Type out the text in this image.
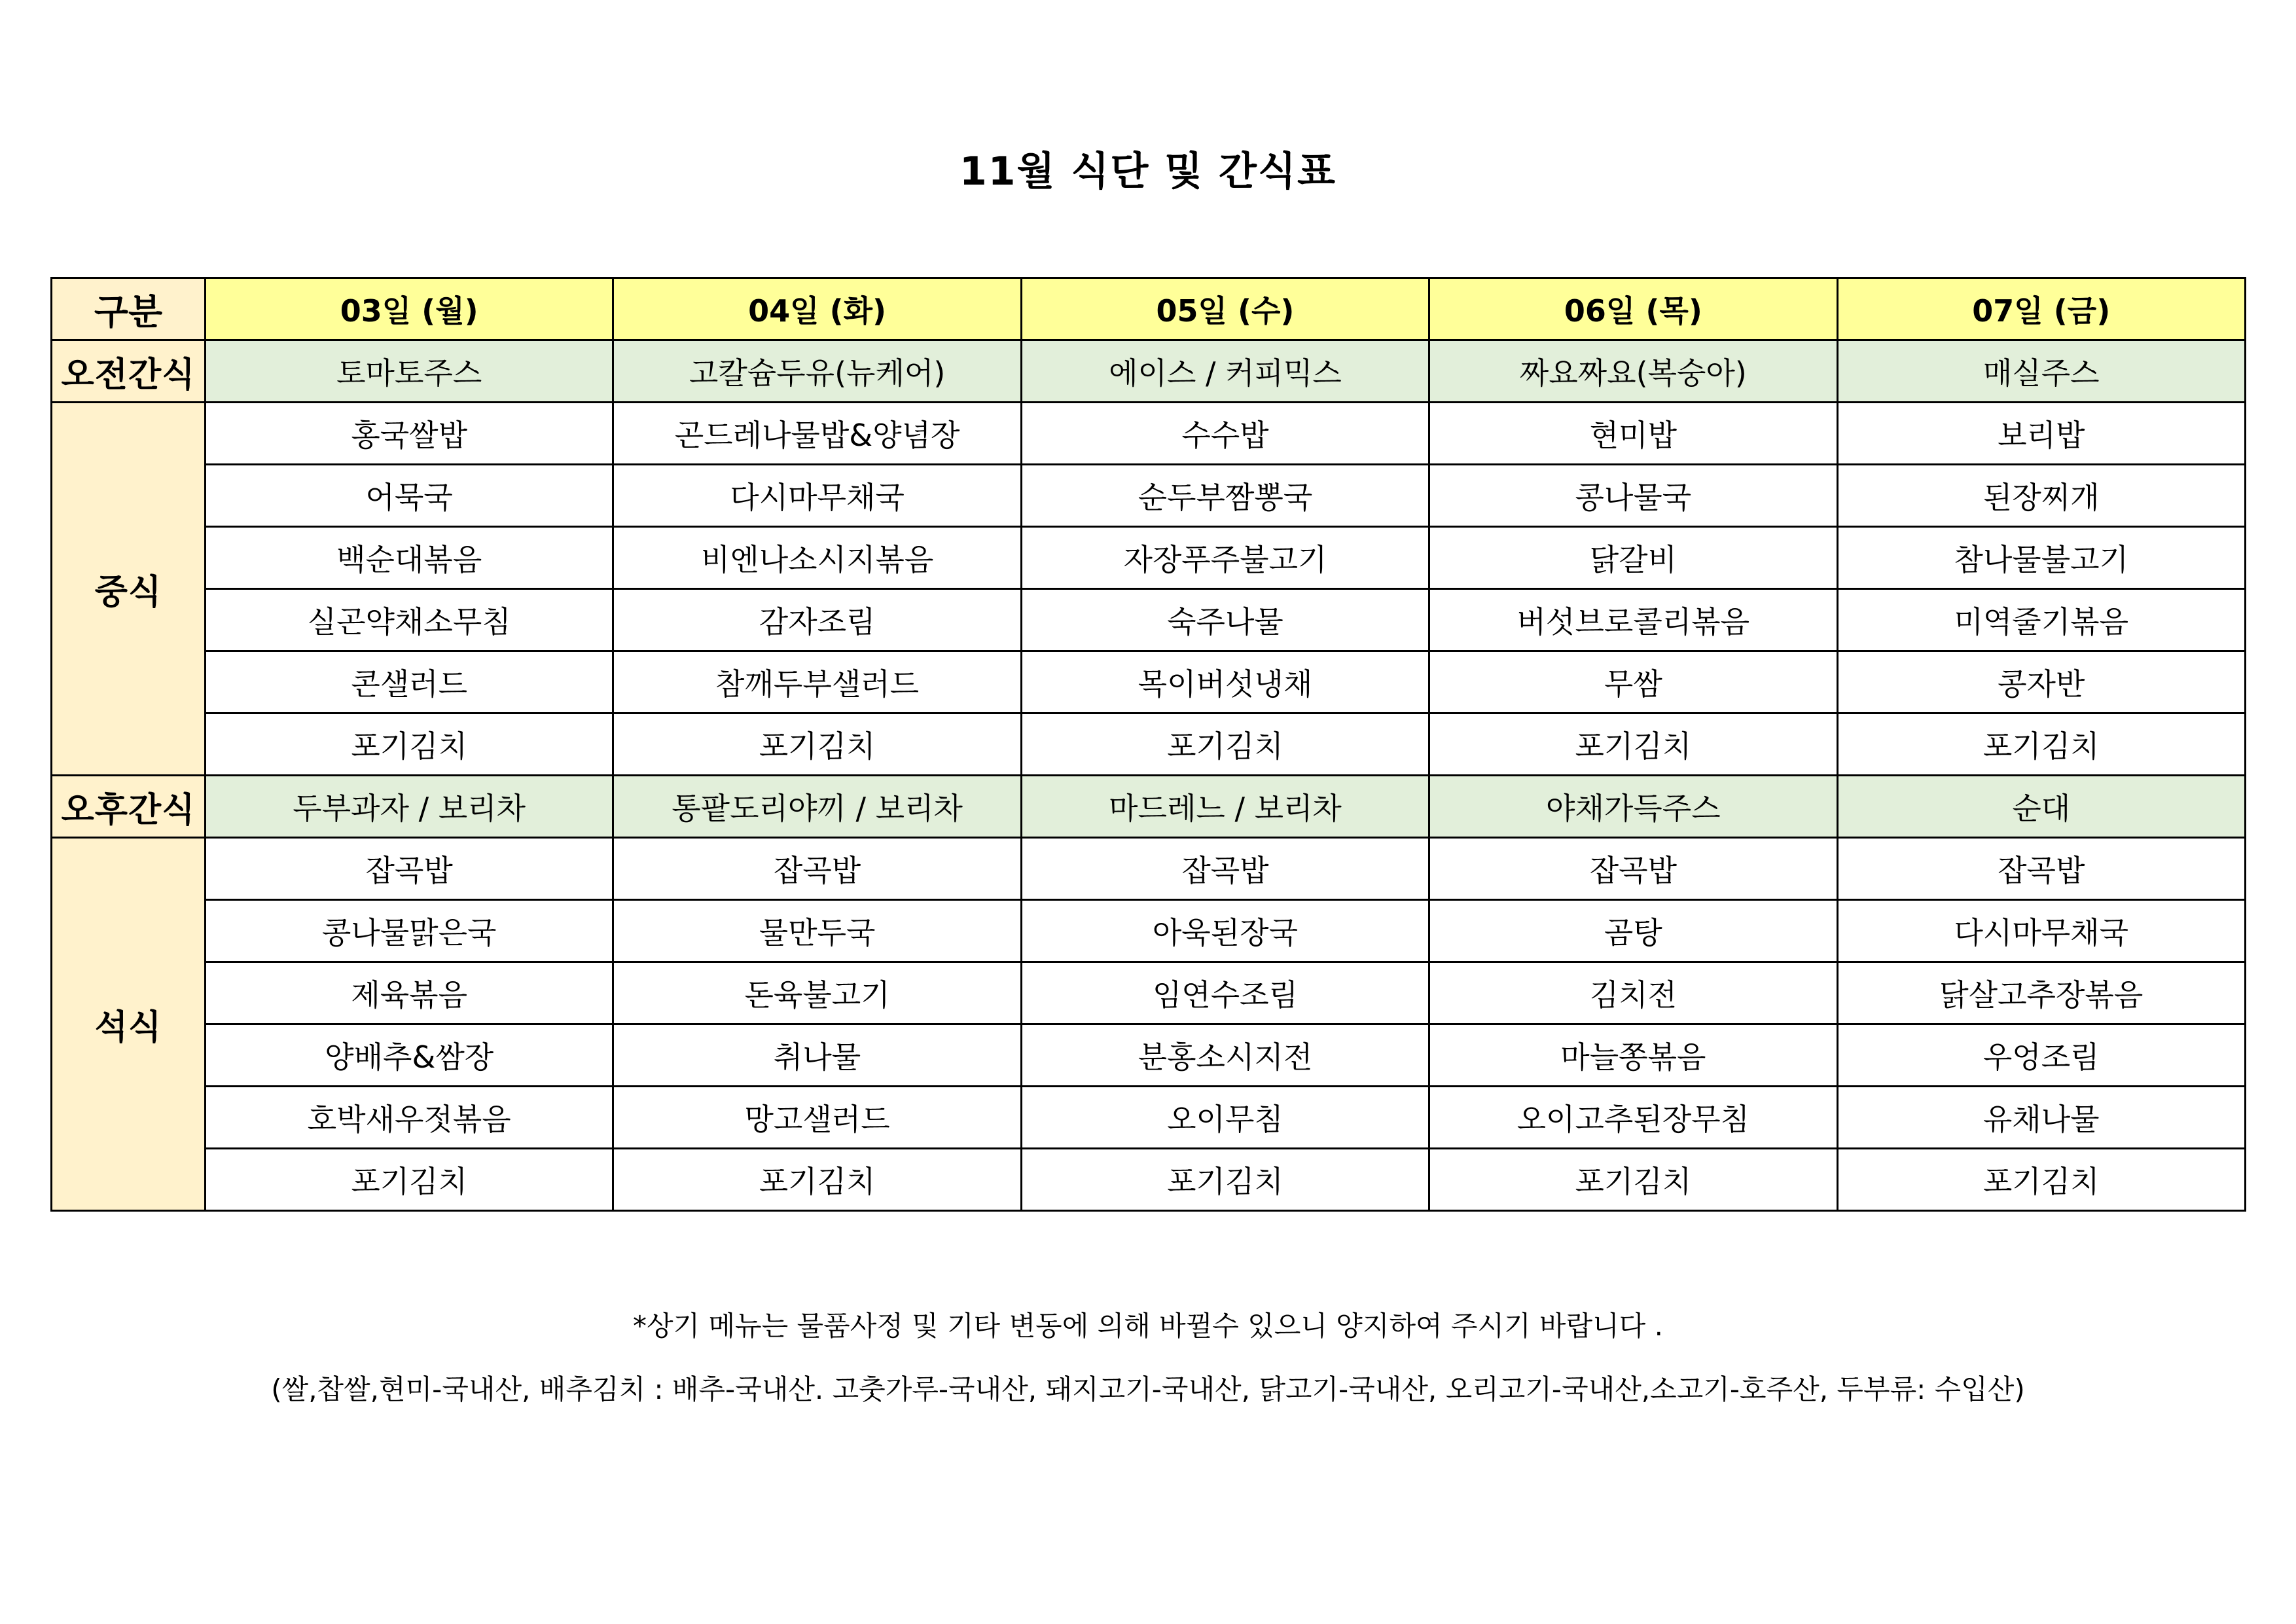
11월 식단 및 간식표
구분	03일 (월)	04일 (화)	05일 (수)	06일 (목)	07일 (금)
오전간식	토마토주스	고칼슘두유(뉴케어)	에이스 / 커피믹스	짜요짜요(복숭아)	매실주스
중식	홍국쌀밥	곤드레나물밥&양념장	수수밥	현미밥	보리밥
	어묵국	다시마무채국	순두부짬뽕국	콩나물국	된장찌개
	백순대볶음	비엔나소시지볶음	자장푸주불고기	닭갈비	참나물불고기
	실곤약채소무침	감자조림	숙주나물	버섯브로콜리볶음	미역줄기볶음
	콘샐러드	참깨두부샐러드	목이버섯냉채	무쌈	콩자반
	포기김치	포기김치	포기김치	포기김치	포기김치
오후간식	두부과자 / 보리차	통팥도리야끼 / 보리차	마드레느 / 보리차	야채가득주스	순대
석식	잡곡밥	잡곡밥	잡곡밥	잡곡밥	잡곡밥
	콩나물맑은국	물만두국	아욱된장국	곰탕	다시마무채국
	제육볶음	돈육불고기	임연수조림	김치전	닭살고추장볶음
	양배추&쌈장	취나물	분홍소시지전	마늘쫑볶음	우엉조림
	호박새우젓볶음	망고샐러드	오이무침	오이고추된장무침	유채나물
	포기김치	포기김치	포기김치	포기김치	포기김치
*상기 메뉴는 물품사정 및 기타 변동에 의해 바뀔수 있으니 양지하여 주시기 바랍니다 .
(쌀,찹쌀,현미-국내산, 배추김치 : 배추-국내산. 고춧가루-국내산, 돼지고기-국내산, 닭고기-국내산, 오리고기-국내산,소고기-호주산, 두부류: 수입산)
